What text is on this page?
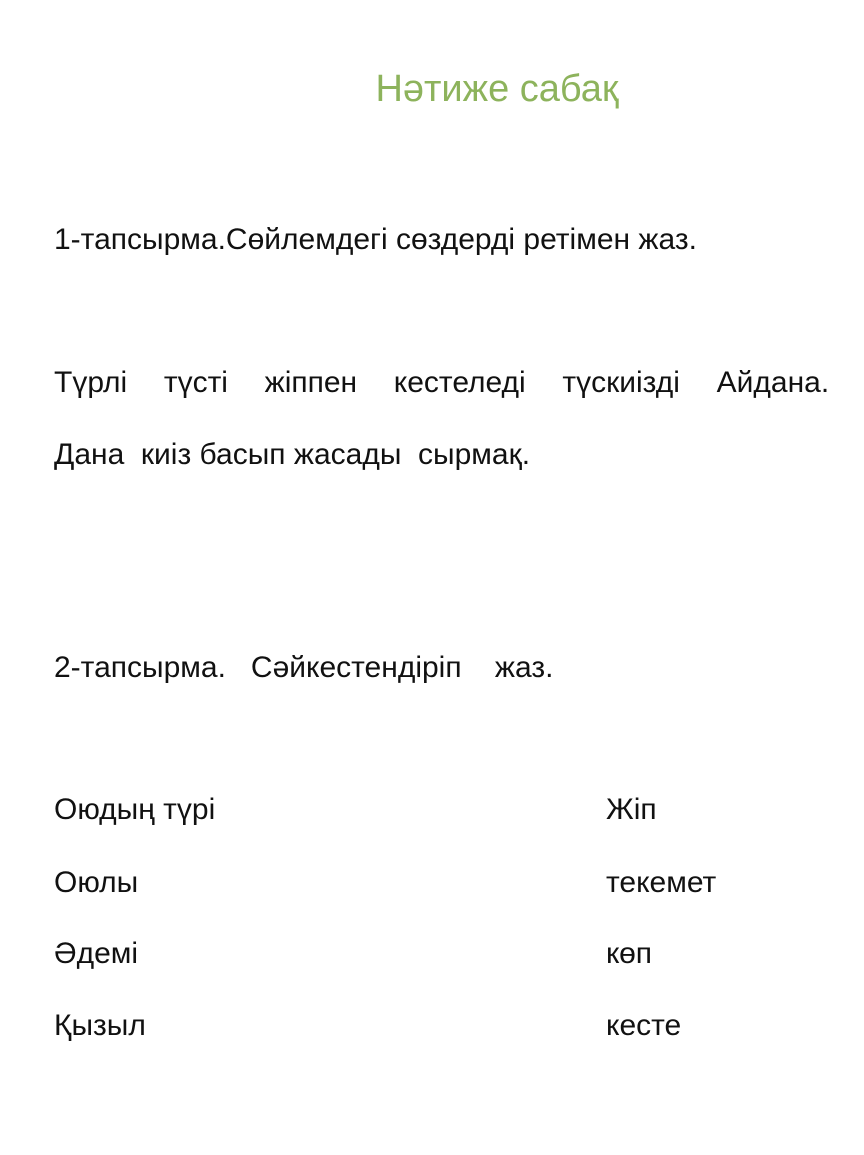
Нәтиже сабақ
1-тапсырма.Сөйлемдегі сөздерді ретімен жаз.
Түрлі  түсті  жіппен  кестеледі  түскиізді  Айдана.
Дана  киіз басып жасады  сырмақ.
2-тапсырма.   Сәйкестендіріп    жаз.
Оюдың түрі
Оюлы
Әдемі
Қызыл
Жіп
текемет
көп
кесте
